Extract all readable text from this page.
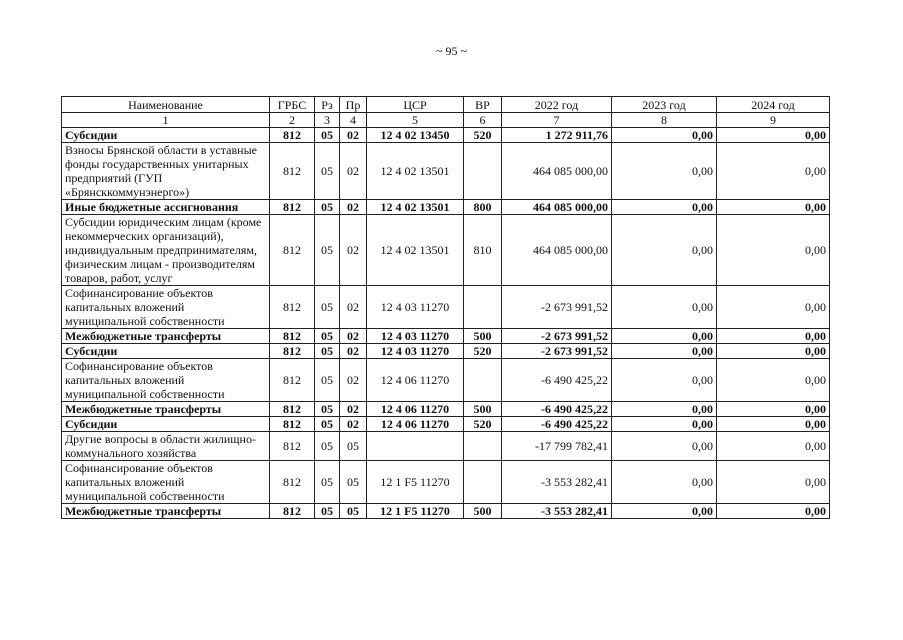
~ 95 ~
Наименование	ГРБС	Рз	Пр	ЦСР	ВР	2022 год	2023 год	2024 год
1	2	3	4	5	6	7	8	9
Субсидии	812	05	02	12 4 02 13450	520	1 272 911,76	0,00	0,00
Взносы Брянской области в уставные фонды государственных унитарных предприятий (ГУП «Брянсккоммунэнерго»)	812	05	02	12 4 02 13501		464 085 000,00	0,00	0,00
Иные бюджетные ассигнования	812	05	02	12 4 02 13501	800	464 085 000,00	0,00	0,00
Субсидии юридическим лицам (кроме некоммерческих организаций), индивидуальным предпринимателям, физическим лицам - производителям товаров, работ, услуг	812	05	02	12 4 02 13501	810	464 085 000,00	0,00	0,00
Софинансирование объектов капитальных вложений муниципальной собственности	812	05	02	12 4 03 11270		-2 673 991,52	0,00	0,00
Межбюджетные трансферты	812	05	02	12 4 03 11270	500	-2 673 991,52	0,00	0,00
Субсидии	812	05	02	12 4 03 11270	520	-2 673 991,52	0,00	0,00
Софинансирование объектов капитальных вложений муниципальной собственности	812	05	02	12 4 06 11270		-6 490 425,22	0,00	0,00
Межбюджетные трансферты	812	05	02	12 4 06 11270	500	-6 490 425,22	0,00	0,00
Субсидии	812	05	02	12 4 06 11270	520	-6 490 425,22	0,00	0,00
Другие вопросы в области жилищно-коммунального хозяйства	812	05	05			-17 799 782,41	0,00	0,00
Софинансирование объектов капитальных вложений муниципальной собственности	812	05	05	12 1 F5 11270		-3 553 282,41	0,00	0,00
Межбюджетные трансферты	812	05	05	12 1 F5 11270	500	-3 553 282,41	0,00	0,00
